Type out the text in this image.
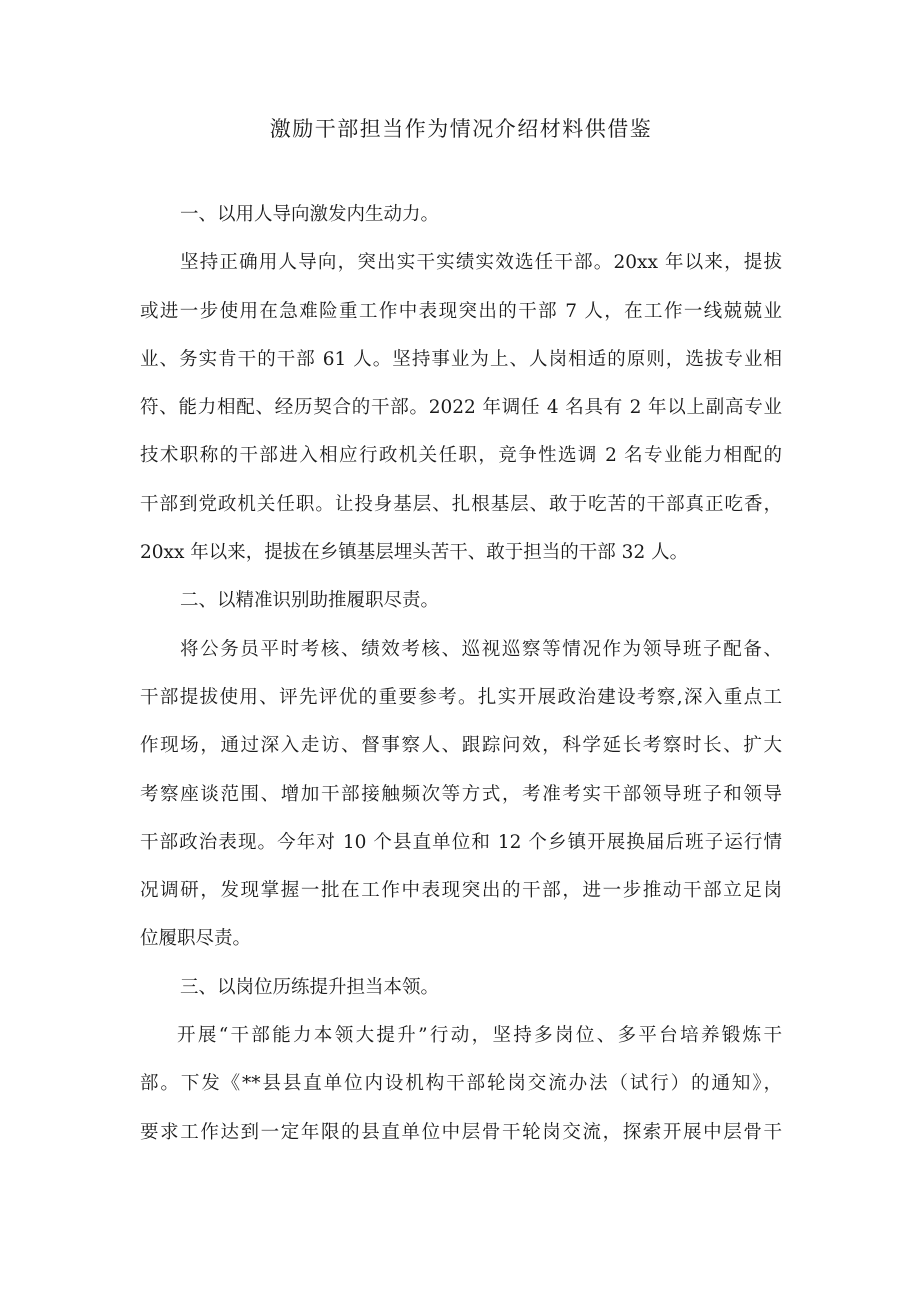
激励干部担当作为情况介绍材料供借鉴
一、以用人导向激发内生动力。
坚持正确用人导向，突出实干实绩实效选任干部。20xx 年以来，提拔
或进一步使用在急难险重工作中表现突出的干部 7 人，在工作一线兢兢业
业、务实肯干的干部 61 人。坚持事业为上、人岗相适的原则，选拔专业相
符、能力相配、经历契合的干部。2022 年调任 4 名具有 2 年以上副高专业
技术职称的干部进入相应行政机关任职，竞争性选调 2 名专业能力相配的
干部到党政机关任职。让投身基层、扎根基层、敢于吃苦的干部真正吃香，
20xx 年以来，提拔在乡镇基层埋头苦干、敢于担当的干部 32 人。
二、以精准识别助推履职尽责。
将公务员平时考核、绩效考核、巡视巡察等情况作为领导班子配备、
干部提拔使用、评先评优的重要参考。扎实开展政治建设考察,深入重点工
作现场，通过深入走访、督事察人、跟踪问效，科学延长考察时长、扩大
考察座谈范围、增加干部接触频次等方式，考准考实干部领导班子和领导
干部政治表现。今年对 10 个县直单位和 12 个乡镇开展换届后班子运行情
况调研，发现掌握一批在工作中表现突出的干部，进一步推动干部立足岗
位履职尽责。
三、以岗位历练提升担当本领。
开展“干部能力本领大提升”行动，坚持多岗位、多平台培养锻炼干
部。下发《**县县直单位内设机构干部轮岗交流办法（试行）的通知》，
要求工作达到一定年限的县直单位中层骨干轮岗交流，探索开展中层骨干
